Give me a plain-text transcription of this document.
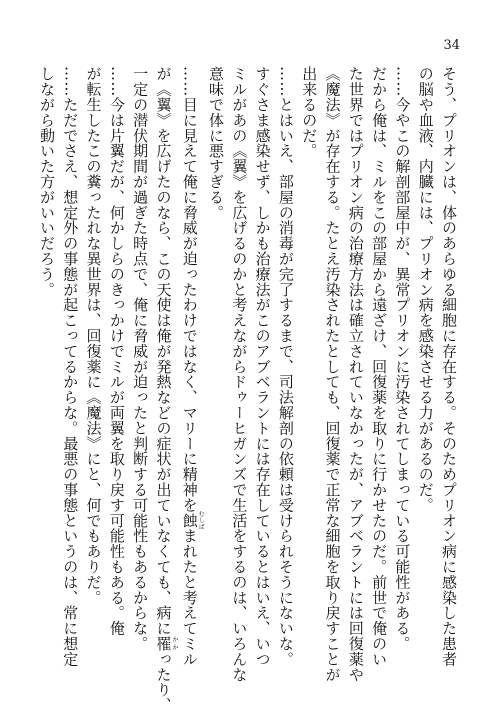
34
そう、プリオンは、体のあらゆる細胞に存在する。そのためプリオン病に感染した患者
の脳や血液、内臓には、プリオン病を感染させる力があるのだ。
……今やこの解剖部屋中が、異常プリオンに汚染されてしまっている可能性がある。
だから俺は、ミルをこの部屋から遠ざけ、回復薬を取りに行かせたのだ。前世で俺のい
た世界ではプリオン病の治療方法は確立されていなかったが、アブベラントには回復薬や
《魔法》が存在する。たとえ汚染されたとしても、回復薬で正常な細胞を取り戻すことが
出来るのだ。
……とはいえ、部屋の消毒が完了するまで、司法解剖の依頼は受けられそうにないな。
すぐさま感染せず、しかも治療法がこのアブベラントには存在しているとはいえ、いつ
ミルがあの《翼》を広げるのかと考えながらドゥーヒガンズで生活をするのは、いろんな
意味で体に悪すぎる。
……目に見えて俺に脅威が迫ったわけではなく、マリーに精神を蝕むしばまれたと考えてミル
が《翼》を広げたのなら、この天使は俺が発熱などの症状が出ていなくても、病に罹かかったり、
一定の潜伏期間が過ぎた時点で、俺に脅威が迫ったと判断する可能性もあるからな。
……今は片翼だが、何かしらのきっかけでミルが両翼を取り戻す可能性もある。俺
が転生したこの糞ったれな異世界は、回復薬に《魔法》にと、何でもありだ。
……ただでさえ、想定外の事態が起こってるからな。最悪の事態というのは、常に想定
しながら動いた方がいいだろう。
